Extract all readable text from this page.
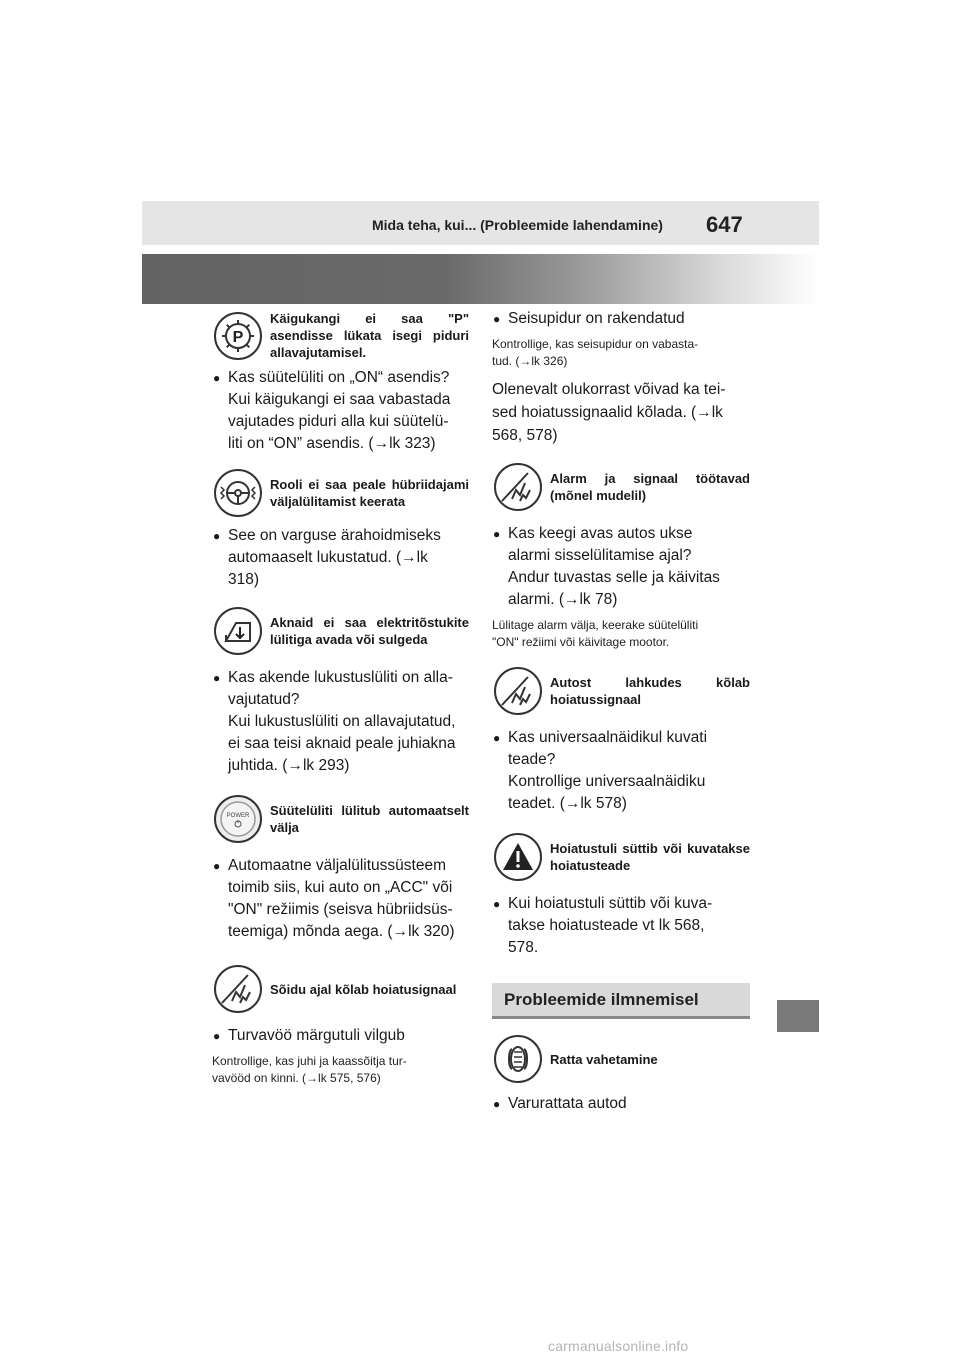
Mida teha, kui... (Probleemide lahendamine) 647
P
Käigukangi ei saa "P" asendisse lükata isegi piduri allavajutamisel.
● Kas süütelüliti on „ON“ asendis?
Kui käigukangi ei saa vabastada
vajutades piduri alla kui süütelü-
liti on “ON” asendis. (→lk 323)
Rooli ei saa peale hübriidajami väljalülitamist keerata
● See on varguse ärahoidmiseks
automaaselt lukustatud. (→lk
318)
Aknaid ei saa elektritõstukite lülitiga avada või sulgeda
● Kas akende lukustuslüliti on alla-
vajutatud?
Kui lukustuslüliti on allavajutatud,
ei saa teisi aknaid peale juhiakna
juhtida. (→lk 293)
POWER Süütelüliti lülitub automaatselt välja
● Automaatne väljalülitussüsteem
toimib siis, kui auto on „ACC" või
"ON" režiimis (seisva hübriidsüs-
teemiga) mõnda aega. (→lk 320)
Sõidu ajal kõlab hoiatusignaal
● Turvavöö märgutuli vilgub
Kontrollige, kas juhi ja kaassõitja tur-
vavööd on kinni. (→lk 575, 576)
● Seisupidur on rakendatud
Kontrollige, kas seisupidur on vabasta-
tud. (→lk 326)
Olenevalt olukorrast võivad ka tei-
sed hoiatussignaalid kõlada. (→lk
568, 578)
Alarm ja signaal töötavad (mõnel mudelil)
● Kas keegi avas autos ukse
alarmi sisselülitamise ajal?
Andur tuvastas selle ja käivitas
alarmi. (→lk 78)
Lülitage alarm välja, keerake süütelüliti
"ON" režiimi või käivitage mootor.
Autost lahkudes kõlab hoiatussignaal
● Kas universaalnäidikul kuvati
teade?
Kontrollige universaalnäidiku
teadet. (→lk 578)
Hoiatustuli süttib või kuvatakse hoiatusteade
● Kui hoiatustuli süttib või kuva-
takse hoiatusteade vt lk 568,
578.
Probleemide ilmnemisel
Ratta vahetamine
● Varurattata autod
carmanualsonline.info
